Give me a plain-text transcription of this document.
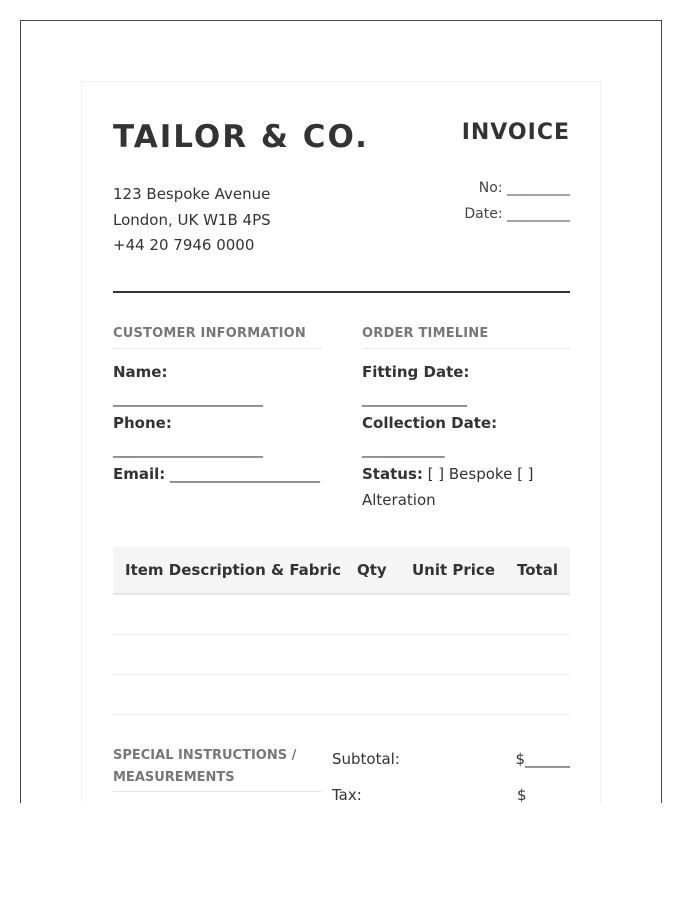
TAILOR & CO.
123 Bespoke Avenue
London, UK W1B 4PS
+44 20 7946 0000
INVOICE
No: _________
Date: _________
CUSTOMER INFORMATION
Name: ____________________
Phone:
____________________
Email: ____________________
ORDER TIMELINE
Fitting Date: ______________
Collection Date:
___________
Status: [ ] Bespoke [ ] Alteration
Item Description & Fabric Qty Unit Price Total
SPECIAL INSTRUCTIONS / MEASUREMENTS
Subtotal:	$______
Tax:	$
